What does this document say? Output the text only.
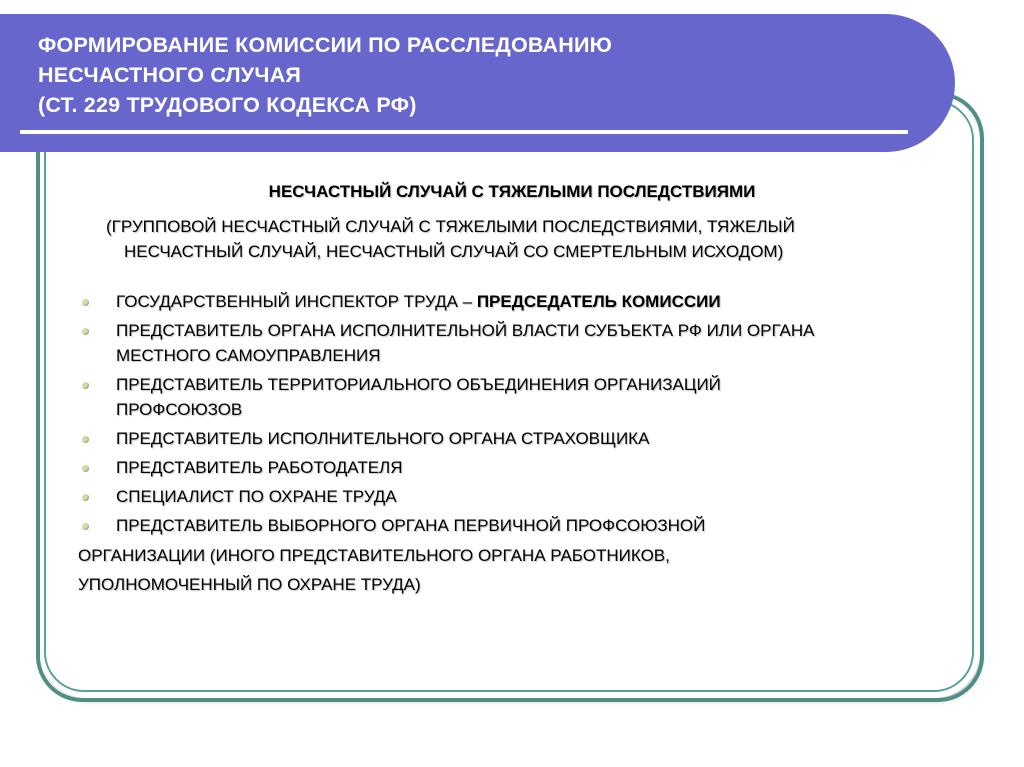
ФОРМИРОВАНИЕ КОМИССИИ ПО РАССЛЕДОВАНИЮ
НЕСЧАСТНОГО СЛУЧАЯ
(СТ. 229 ТРУДОВОГО КОДЕКСА РФ)
НЕСЧАСТНЫЙ СЛУЧАЙ С ТЯЖЕЛЫМИ ПОСЛЕДСТВИЯМИ
(ГРУППОВОЙ НЕСЧАСТНЫЙ СЛУЧАЙ С ТЯЖЕЛЫМИ ПОСЛЕДСТВИЯМИ, ТЯЖЕЛЫЙ
НЕСЧАСТНЫЙ СЛУЧАЙ, НЕСЧАСТНЫЙ СЛУЧАЙ СО СМЕРТЕЛЬНЫМ ИСХОДОМ)
ГОСУДАРСТВЕННЫЙ ИНСПЕКТОР ТРУДА – ПРЕДСЕДАТЕЛЬ КОМИССИИ
ПРЕДСТАВИТЕЛЬ ОРГАНА ИСПОЛНИТЕЛЬНОЙ ВЛАСТИ СУБЪЕКТА РФ ИЛИ ОРГАНА
МЕСТНОГО САМОУПРАВЛЕНИЯ
ПРЕДСТАВИТЕЛЬ ТЕРРИТОРИАЛЬНОГО ОБЪЕДИНЕНИЯ ОРГАНИЗАЦИЙ
ПРОФСОЮЗОВ
ПРЕДСТАВИТЕЛЬ ИСПОЛНИТЕЛЬНОГО ОРГАНА СТРАХОВЩИКА
ПРЕДСТАВИТЕЛЬ РАБОТОДАТЕЛЯ
СПЕЦИАЛИСТ ПО ОХРАНЕ ТРУДА
ПРЕДСТАВИТЕЛЬ ВЫБОРНОГО ОРГАНА ПЕРВИЧНОЙ ПРОФСОЮЗНОЙ
ОРГАНИЗАЦИИ (ИНОГО ПРЕДСТАВИТЕЛЬНОГО ОРГАНА РАБОТНИКОВ,
УПОЛНОМОЧЕННЫЙ ПО ОХРАНЕ ТРУДА)
